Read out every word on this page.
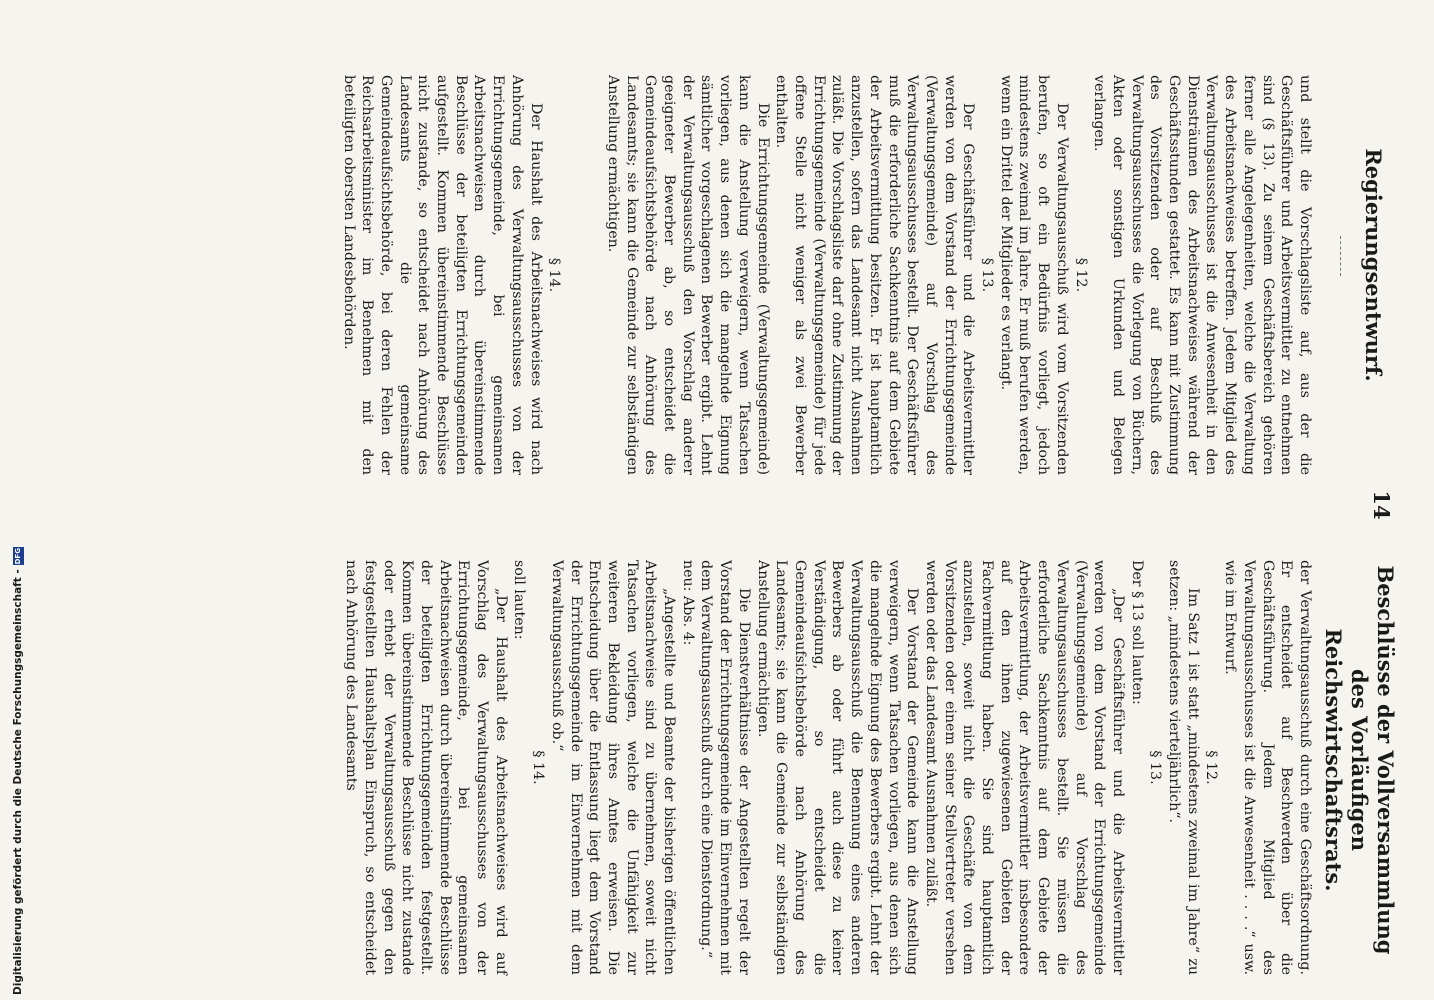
Regierungsentwurf.
14
Beschlüsse der Vollversammlung des Vorläufigen Reichswirtschaftsrats.

und stellt die Vorschlagsliste auf, aus der die Geschäftsführer und Arbeitsvermittler zu entnehmen sind (§ 13). Zu seinem Geschäftsbereich gehören ferner alle Angelegenheiten, welche die Verwaltung des Arbeitsnachweises betreffen. Jedem Mitglied des Verwaltungsausschusses ist die Anwesenheit in den Diensträumen des Arbeitsnachweises während der Geschäftsstunden gestattet. Es kann mit Zustimmung des Vorsitzenden oder auf Beschluß des Verwaltungsausschusses die Vorlegung von Büchern, Akten oder sonstigen Urkunden und Belegen verlangen.

§ 12.

Der Verwaltungsausschuß wird vom Vorsitzenden berufen, so oft ein Bedürfnis vorliegt, jedoch mindestens zweimal im Jahre. Er muß berufen werden, wenn ein Drittel der Mitglieder es verlangt.

§ 13.

Der Geschäftsführer und die Arbeitsvermittler werden von dem Vorstand der Errichtungsgemeinde (Verwaltungsgemeinde) auf Vorschlag des Verwaltungsausschusses bestellt. Der Geschäftsführer muß die erforderliche Sachkenntnis auf dem Gebiete der Arbeitsvermittlung besitzen. Er ist hauptamtlich anzustellen, sofern das Landesamt nicht Ausnahmen zuläßt. Die Vorschlagsliste darf ohne Zustimmung der Errichtungsgemeinde (Verwaltungsgemeinde) für jede offene Stelle nicht weniger als zwei Bewerber enthalten.

Die Errichtungsgemeinde (Verwaltungsgemeinde) kann die Anstellung verweigern, wenn Tatsachen vorliegen, aus denen sich die mangelnde Eignung sämtlicher vorgeschlagenen Bewerber ergibt. Lehnt der Verwaltungsausschuß den Vorschlag anderer geeigneter Bewerber ab, so entscheidet die Gemeindeaufsichtsbehörde nach Anhörung des Landesamts; sie kann die Gemeinde zur selbständigen Anstellung ermächtigen.

§ 14.

Der Haushalt des Arbeitsnachweises wird nach Anhörung des Verwaltungsausschusses von der Errichtungsgemeinde, bei gemeinsamen Arbeitsnachweisen durch übereinstimmende Beschlüsse der beteiligten Errichtungsgemeinden aufgestellt. Kommen übereinstimmende Beschlüsse nicht zustande, so entscheidet nach Anhörung des Landesamts die gemeinsame Gemeindeaufsichtsbehörde, bei deren Fehlen der Reichsarbeitsminister im Benehmen mit den beteiligten obersten Landesbehörden.

der Verwaltungsausschuß durch eine Geschäftsordnung. Er entscheidet auf Beschwerden über die Geschäftsführung. Jedem Mitglied des Verwaltungsausschusses ist die Anwesenheit . . . .“ usw. wie im Entwurf.

§ 12.

Im Satz 1 ist statt „mindestens zweimal im Jahre“ zu setzen: „mindestens vierteljährlich“.

§ 13.

Der § 13 soll lauten:

„Der Geschäftsführer und die Arbeitsvermittler werden von dem Vorstand der Errichtungsgemeinde (Verwaltungsgemeinde) auf Vorschlag des Verwaltungsausschusses bestellt. Sie müssen die erforderliche Sachkenntnis auf dem Gebiete der Arbeitsvermittlung, der Arbeitsvermittler insbesondere auf den ihnen zugewiesenen Gebieten der Fachvermittlung haben. Sie sind hauptamtlich anzustellen, soweit nicht die Geschäfte von dem Vorsitzenden oder einem seiner Stellvertreter versehen werden oder das Landesamt Ausnahmen zuläßt.

Der Vorstand der Gemeinde kann die Anstellung verweigern, wenn Tatsachen vorliegen, aus denen sich die mangelnde Eignung des Bewerbers ergibt. Lehnt der Verwaltungsausschuß die Benennung eines anderen Bewerbers ab oder führt auch diese zu keiner Verständigung, so entscheidet die Gemeindeaufsichtsbehörde nach Anhörung des Landesamts; sie kann die Gemeinde zur selbständigen Anstellung ermächtigen.

Die Dienstverhältnisse der Angestellten regelt der Vorstand der Errichtungsgemeinde im Einvernehmen mit dem Verwaltungsausschuß durch eine Dienstordnung.“

neu: Abs. 4:

„Angestellte und Beamte der bisherigen öffentlichen Arbeitsnachweise sind zu übernehmen, soweit nicht Tatsachen vorliegen, welche die Unfähigkeit zur weiteren Bekleidung ihres Amtes erweisen. Die Entscheidung über die Entlassung liegt dem Vorstand der Errichtungsgemeinde im Einvernehmen mit dem Verwaltungsausschuß ob.“

§ 14.

soll lauten:

„Der Haushalt des Arbeitsnachweises wird auf Vorschlag des Verwaltungsausschusses von der Errichtungsgemeinde, bei gemeinsamen Arbeitsnachweisen durch übereinstimmende Beschlüsse der beteiligten Errichtungsgemeinden festgestellt. Kommen übereinstimmende Beschlüsse nicht zustande oder erhebt der Verwaltungsausschuß gegen den festgestellten Haushaltsplan Einspruch, so entscheidet nach Anhörung des Landesamts

Digitalisierung gefördert durch die Deutsche Forschungsgemeinschaft -DFG
